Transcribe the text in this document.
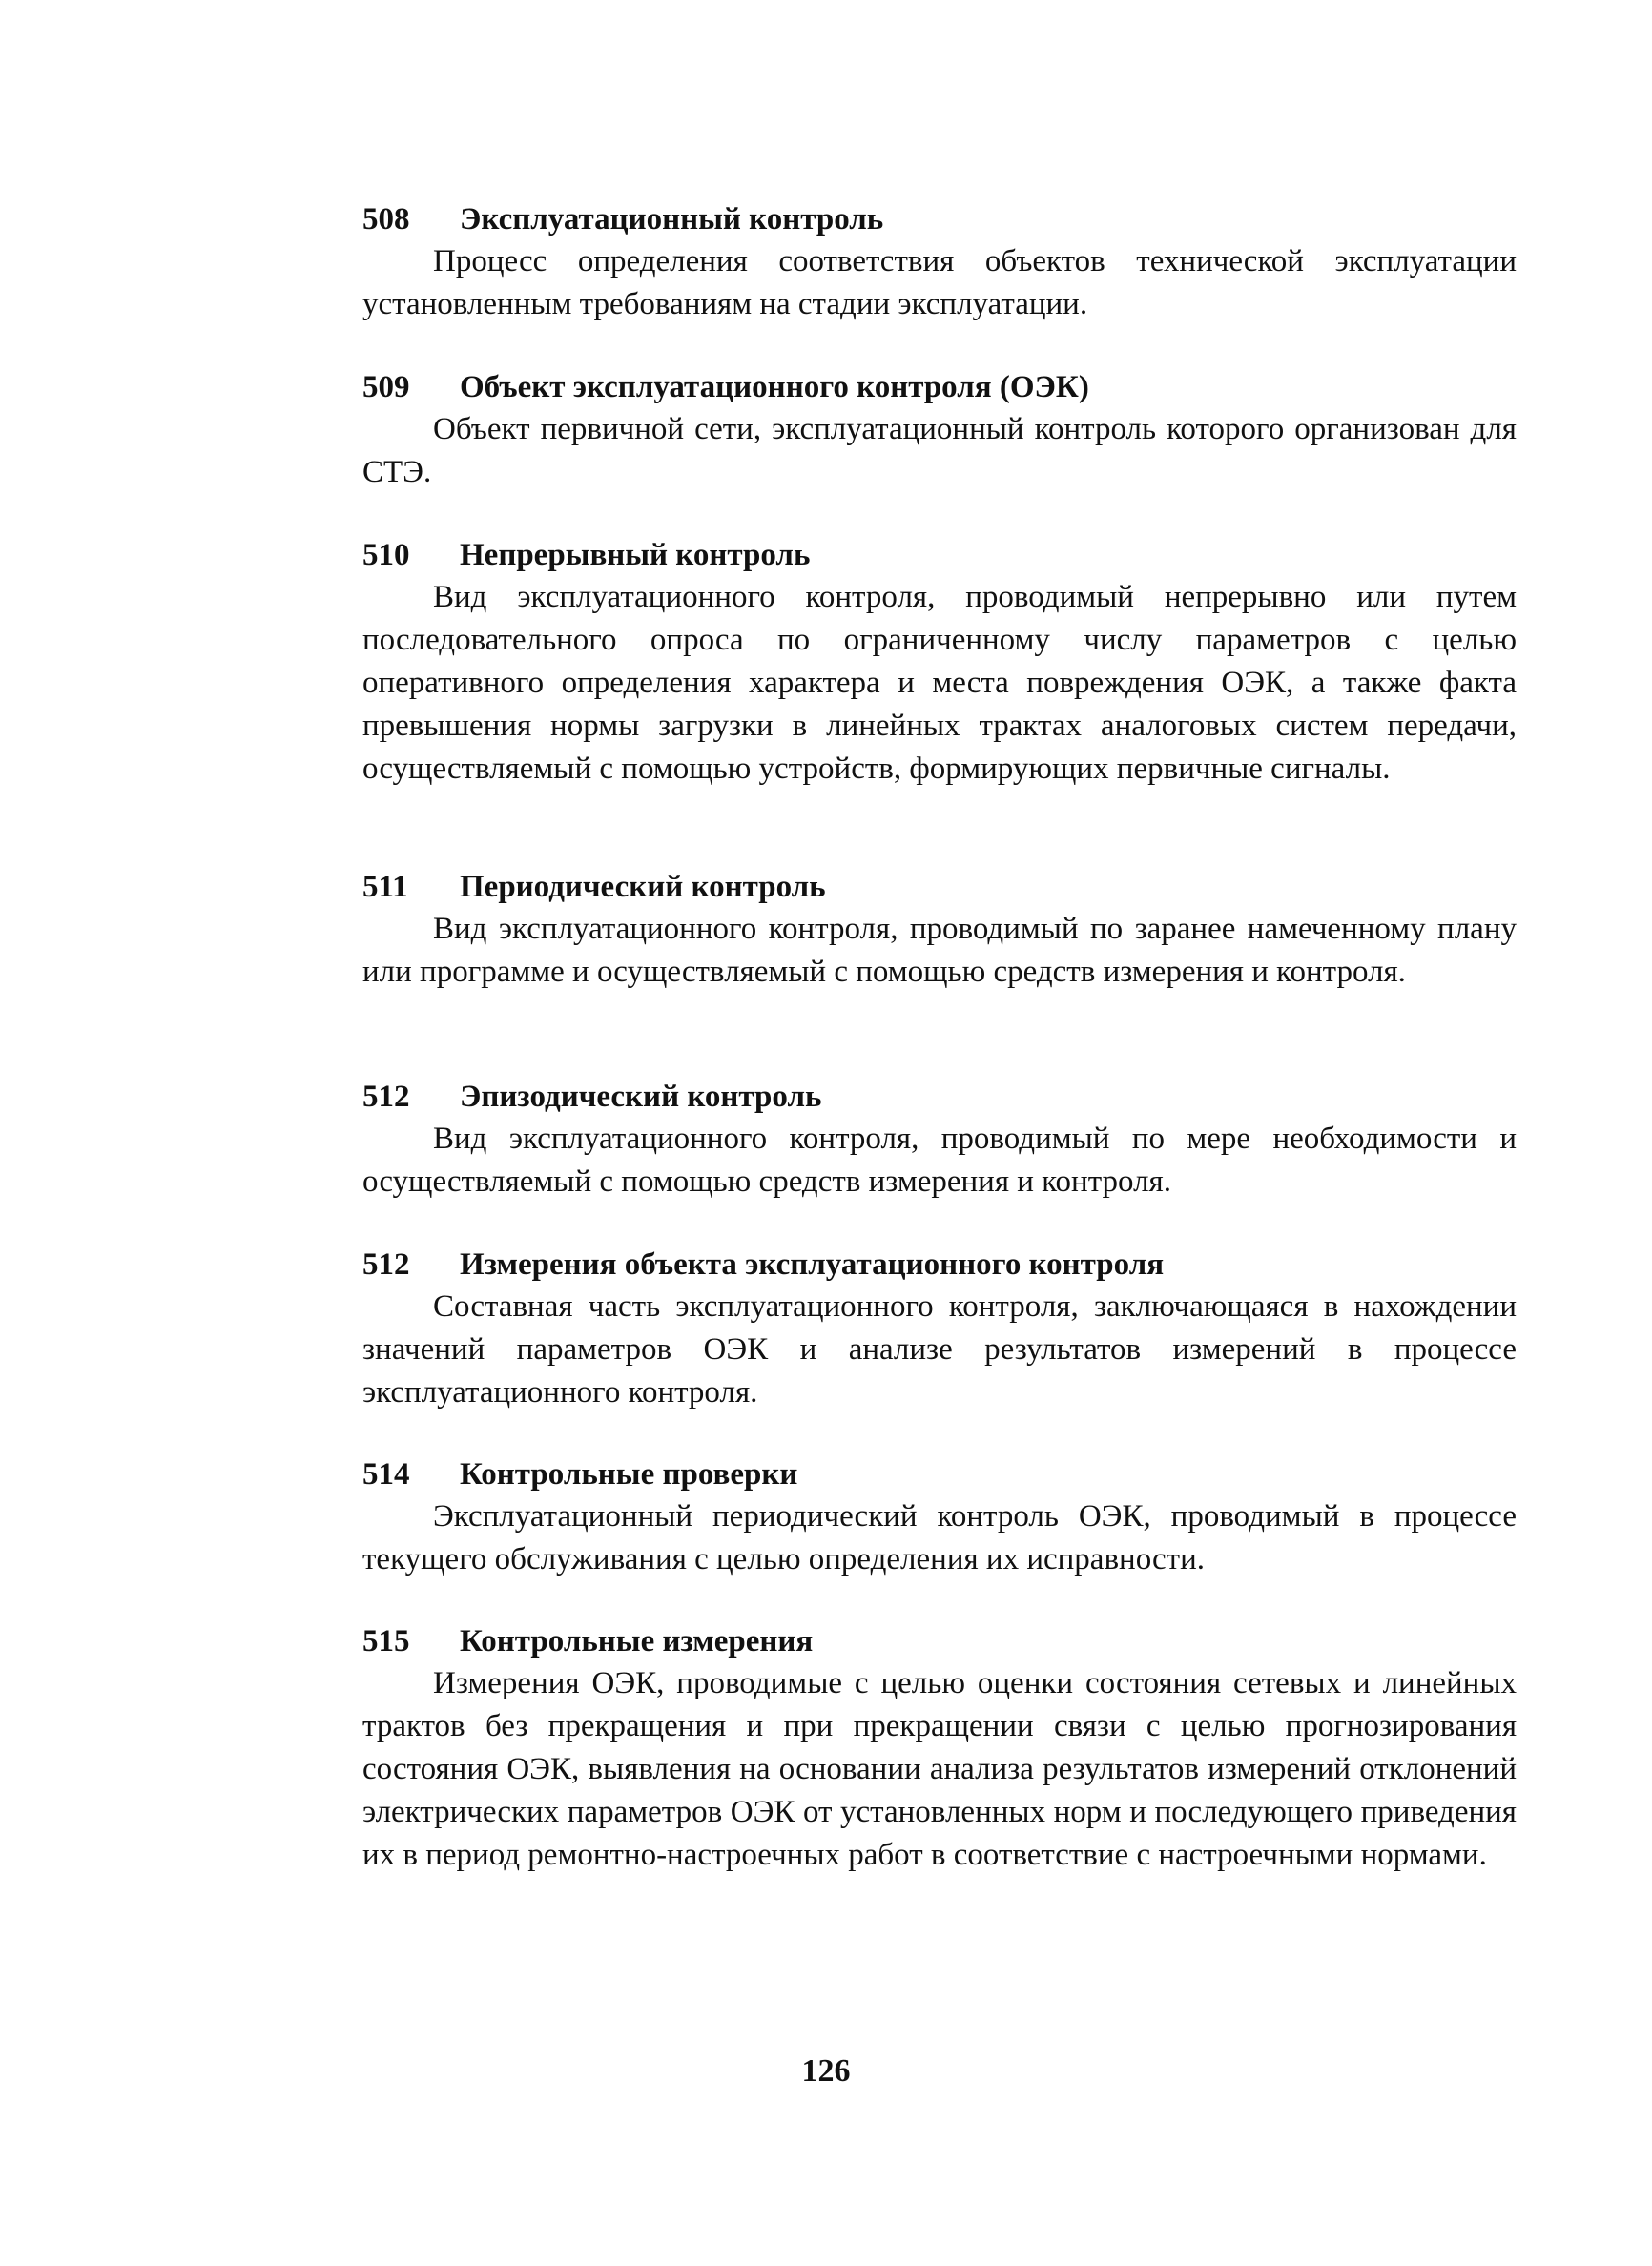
508 Эксплуатационный контроль

Процесс определения соответствия объектов технической эксплуатации установленным требованиям на стадии эксплуатации.

509 Объект эксплуатационного контроля (ОЭК)

Объект первичной сети, эксплуатационный контроль которого организован для СТЭ.

510 Непрерывный контроль

Вид эксплуатационного контроля, проводимый непрерывно или путем последовательного опроса по ограниченному числу параметров с целью оперативного определения характера и места повреждения ОЭК, а также факта превышения нормы загрузки в линейных трактах аналоговых систем передачи, осуществляемый с помощью устройств, формирующих первичные сигналы.

511 Периодический контроль

Вид эксплуатационного контроля, проводимый по заранее намеченному плану или программе и осуществляемый с помощью средств измерения и контроля.

512 Эпизодический контроль

Вид эксплуатационного контроля, проводимый по мере необходимости и осуществляемый с помощью средств измерения и контроля.

512 Измерения объекта эксплуатационного контроля

Составная часть эксплуатационного контроля, заключающаяся в нахождении значений параметров ОЭК и анализе результатов измерений в процессе эксплуатационного контроля.

514 Контрольные проверки

Эксплуатационный периодический контроль ОЭК, проводимый в процессе текущего обслуживания с целью определения их исправности.

515 Контрольные измерения

Измерения ОЭК, проводимые с целью оценки состояния сетевых и линейных трактов без прекращения и при прекращении связи с целью прогнозирования состояния ОЭК, выявления на основании анализа результатов измерений отклонений электрических параметров ОЭК от установленных норм и последующего приведения их в период ремонтно-настроечных работ в соответствие с настроечными нормами.

126
